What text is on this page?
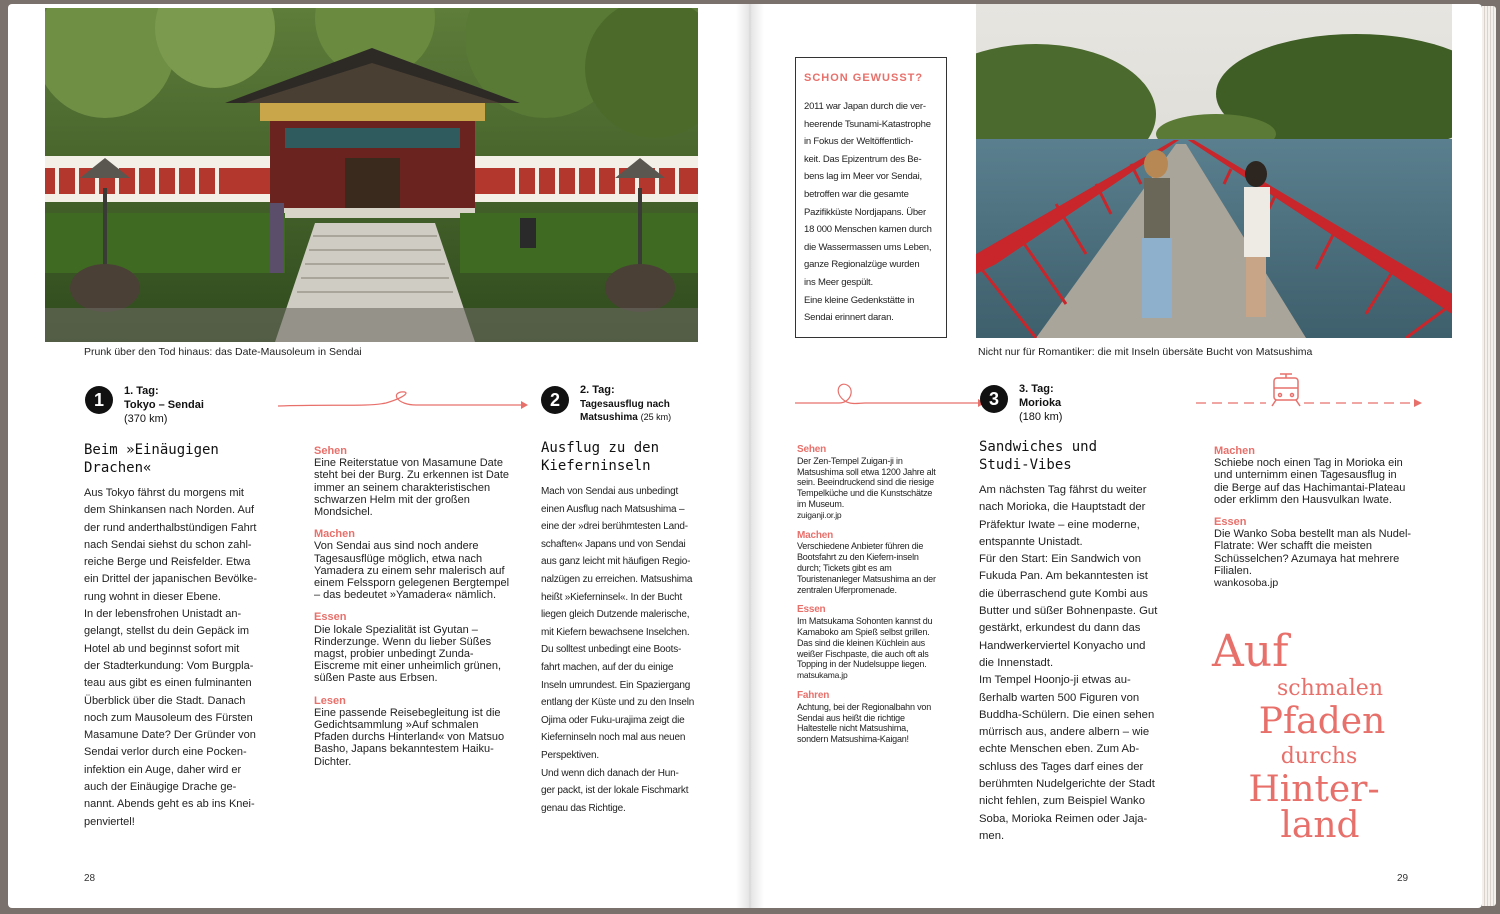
Prunk über den Tod hinaus: das Date-Mausoleum in Sendai
1	1. Tag:
Tokyo – Sendai
(370 km)
2	2. Tag:
Tagesausflug nach
Matsushima (25 km)
Beim »Einäugigen
Drachen«
Aus Tokyo fährst du morgens mit
dem Shinkansen nach Norden. Auf
der rund anderthalbstündigen Fahrt
nach Sendai siehst du schon zahl-
reiche Berge und Reisfelder. Etwa
ein Drittel der japanischen Bevölke-
rung wohnt in dieser Ebene.
In der lebensfrohen Unistadt an-
gelangt, stellst du dein Gepäck im
Hotel ab und beginnst sofort mit
der Stadterkundung: Vom Burgpla-
teau aus gibt es einen fulminanten
Überblick über die Stadt. Danach
noch zum Mausoleum des Fürsten
Masamune Date? Der Gründer von
Sendai verlor durch eine Pocken-
infektion ein Auge, daher wird er
auch der Einäugige Drache ge-
nannt. Abends geht es ab ins Knei-
penviertel!
Sehen
Eine Reiterstatue von Masamune Date steht bei der Burg. Zu erkennen ist Date immer an seinem charakteristischen schwarzen Helm mit der großen Mondsichel.
Machen
Von Sendai aus sind noch andere Tagesausflüge möglich, etwa nach Yamadera zu einem sehr malerisch auf einem Felssporn gelegenen Bergtempel – das bedeutet »Yamadera« nämlich.
Essen
Die lokale Spezialität ist Gyutan – Rinderzunge. Wenn du lieber Süßes magst, probier unbedingt Zunda-Eiscreme mit einer unheimlich grünen, süßen Paste aus Erbsen.
Lesen
Eine passende Reisebegleitung ist die Gedichtsammlung »Auf schmalen Pfaden durchs Hinterland« von Matsuo Basho, Japans bekanntestem Haiku-Dichter.
Ausflug zu den
Kieferninseln
Mach von Sendai aus unbedingt
einen Ausflug nach Matsushima –
eine der »drei berühmtesten Land-
schaften« Japans und von Sendai
aus ganz leicht mit häufigen Regio-
nalzügen zu erreichen. Matsushima
heißt »Kieferninsel«. In der Bucht
liegen gleich Dutzende malerische,
mit Kiefern bewachsene Inselchen.
Du solltest unbedingt eine Boots-
fahrt machen, auf der du einige
Inseln umrundest. Ein Spaziergang
entlang der Küste und zu den Inseln
Ojima oder Fuku-urajima zeigt die
Kieferninseln noch mal aus neuen
Perspektiven.
Und wenn dich danach der Hun-
ger packt, ist der lokale Fischmarkt
genau das Richtige.
28
SCHON GEWUSST?
2011 war Japan durch die ver-
heerende Tsunami-Katastrophe
in Fokus der Weltöffentlich-
keit. Das Epizentrum des Be-
bens lag im Meer vor Sendai,
betroffen war die gesamte
Pazifikküste Nordjapans. Über
18 000 Menschen kamen durch
die Wassermassen ums Leben,
ganze Regionalzüge wurden
ins Meer gespült.
Eine kleine Gedenkstätte in
Sendai erinnert daran.
Nicht nur für Romantiker: die mit Inseln übersäte Bucht von Matsushima
3	3. Tag:
Morioka
(180 km)
Sehen
Der Zen-Tempel Zuigan-ji in Matsushima soll etwa 1200 Jahre alt sein. Beeindruckend sind die riesige Tempelküche und die Kunstschätze im Museum.
zuiganji.or.jp
Machen
Verschiedene Anbieter führen die Bootsfahrt zu den Kiefern-inseln durch; Tickets gibt es am Touristenanleger Matsushima an der zentralen Uferpromenade.
Essen
Im Matsukama Sohonten kannst du Kamaboko am Spieß selbst grillen. Das sind die kleinen Küchlein aus weißer Fischpaste, die auch oft als Topping in der Nudelsuppe liegen.
matsukama.jp
Fahren
Achtung, bei der Regionalbahn von Sendai aus heißt die richtige Haltestelle nicht Matsushima, sondern Matsushima-Kaigan!
Sandwiches und
Studi-Vibes
Am nächsten Tag fährst du weiter
nach Morioka, die Hauptstadt der
Präfektur Iwate – eine moderne,
entspannte Unistadt.
Für den Start: Ein Sandwich von
Fukuda Pan. Am bekanntesten ist
die überraschend gute Kombi aus
Butter und süßer Bohnenpaste. Gut
gestärkt, erkundest du dann das
Handwerkerviertel Konyacho und
die Innenstadt.
Im Tempel Hoonjo-ji etwas au-
ßerhalb warten 500 Figuren von
Buddha-Schülern. Die einen sehen
mürrisch aus, andere albern – wie
echte Menschen eben. Zum Ab-
schluss des Tages darf eines der
berühmten Nudelgerichte der Stadt
nicht fehlen, zum Beispiel Wanko
Soba, Morioka Reimen oder Jaja-
men.
Machen
Schiebe noch einen Tag in Morioka ein und unternimm einen Tagesausflug in die Berge auf das Hachimantai-Plateau oder erklimm den Hausvulkan Iwate.
Essen
Die Wanko Soba bestellt man als Nudel-Flatrate: Wer schafft die meisten Schüsselchen? Azumaya hat mehrere Filialen.
wankosoba.jp
Auf
schmalen
Pfaden
durchs
Hinter-
land
29
